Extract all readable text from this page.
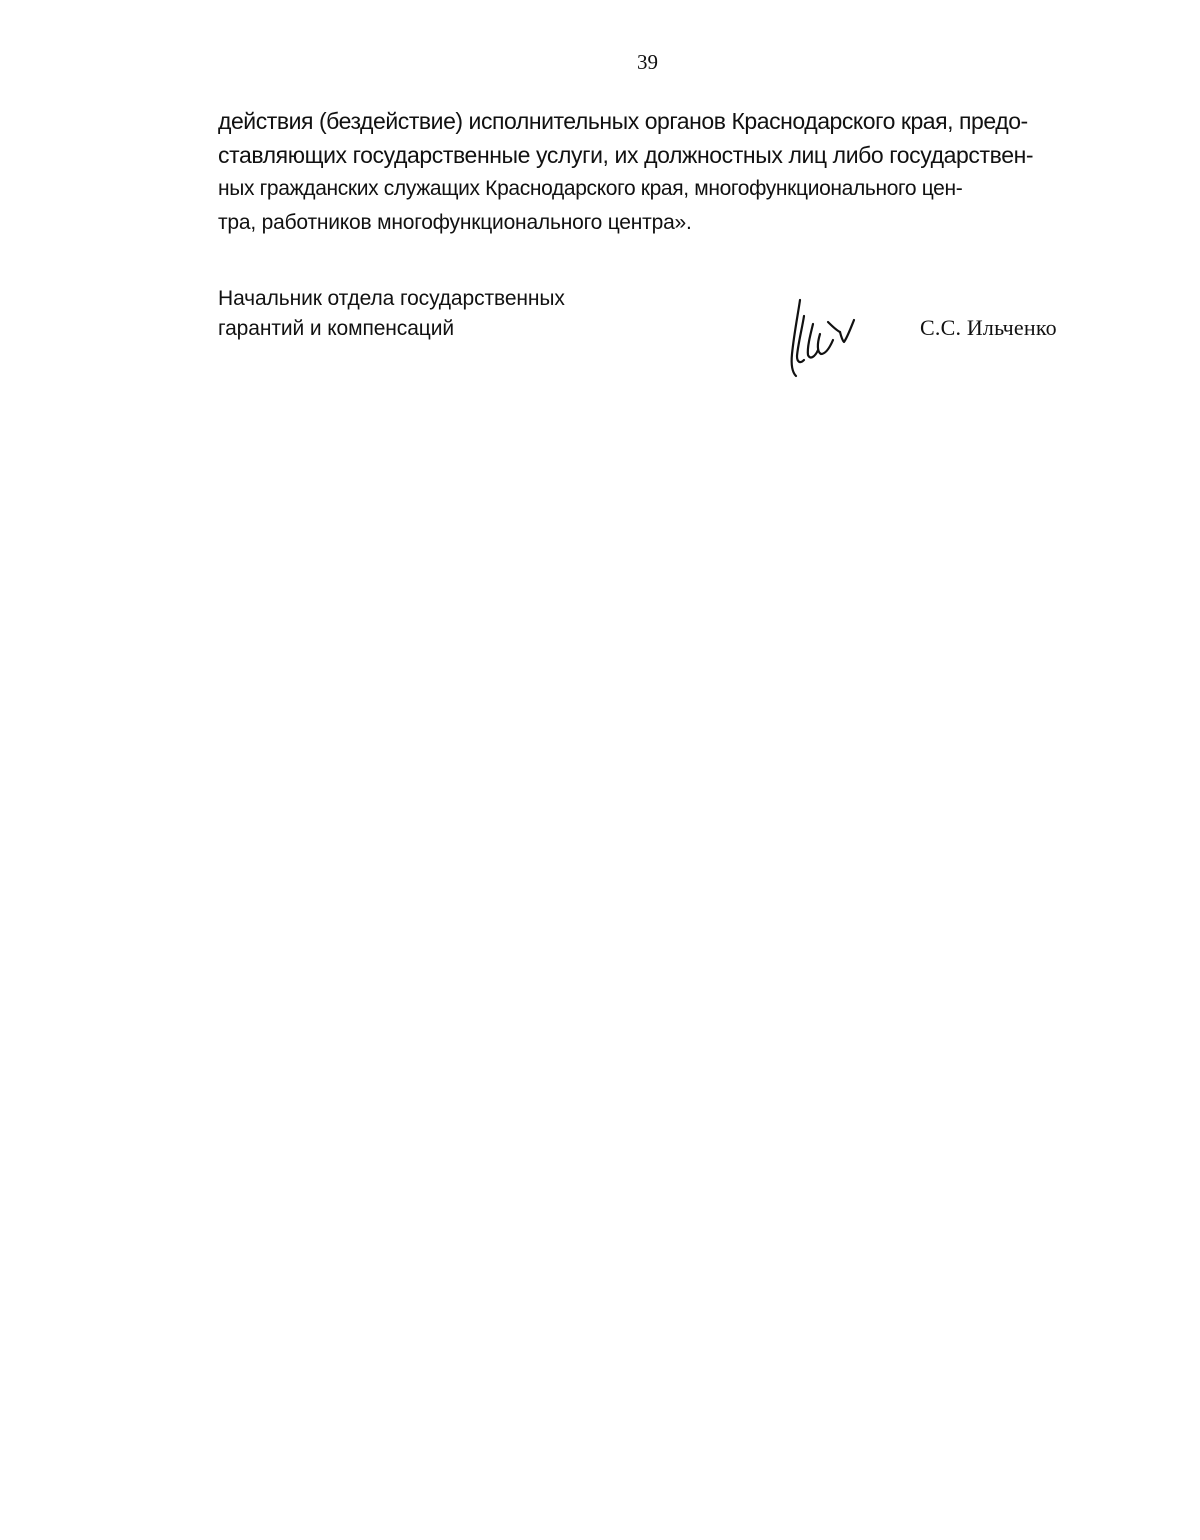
39
действия (бездействие) исполнительных органов Краснодарского края, предо-
ставляющих государственные услуги, их должностных лиц либо государствен-
ных гражданских служащих Краснодарского края, многофункционального цен-
тра, работников многофункционального центра».
Начальник отдела государственных
гарантий и компенсаций	С.С. Ильченко
